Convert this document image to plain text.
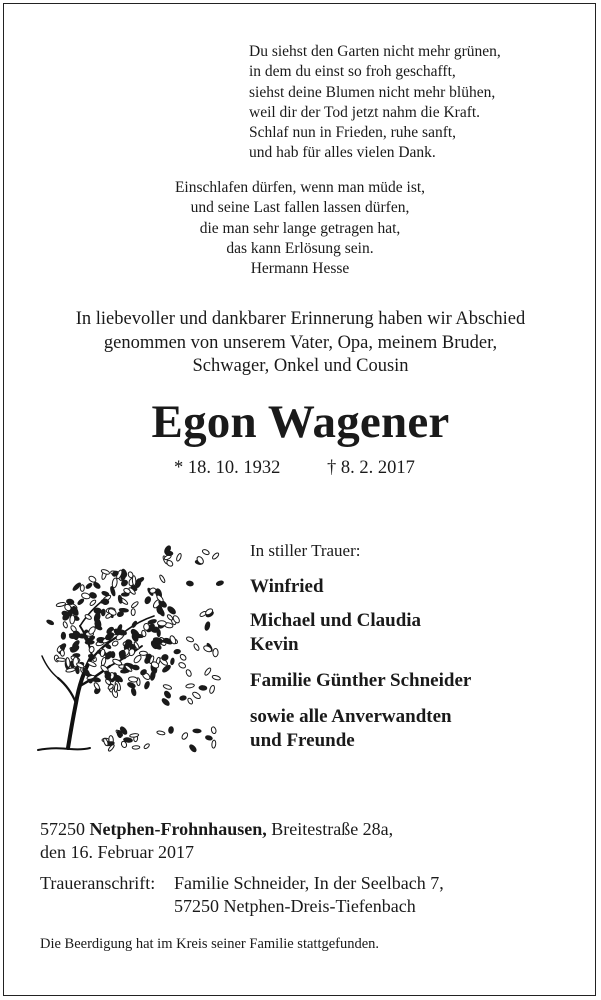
Du siehst den Garten nicht mehr grünen,
in dem du einst so froh geschafft,
siehst deine Blumen nicht mehr blühen,
weil dir der Tod jetzt nahm die Kraft.
Schlaf nun in Frieden, ruhe sanft,
und hab für alles vielen Dank.
Einschlafen dürfen, wenn man müde ist,
und seine Last fallen lassen dürfen,
die man sehr lange getragen hat,
das kann Erlösung sein.
Hermann Hesse
In liebevoller und dankbarer Erinnerung haben wir Abschied
genommen von unserem Vater, Opa, meinem Bruder,
Schwager, Onkel und Cousin
Egon Wagener
* 18. 10. 1932	† 8. 2. 2017
In stiller Trauer:
Winfried
Michael und Claudia
Kevin
Familie Günther Schneider
sowie alle Anverwandten
und Freunde
57250 Netphen-Frohnhausen, Breitestraße 28a,
den 16. Februar 2017
Traueranschrift: Familie Schneider, In der Seelbach 7,
57250 Netphen-Dreis-Tiefenbach
Die Beerdigung hat im Kreis seiner Familie stattgefunden.
